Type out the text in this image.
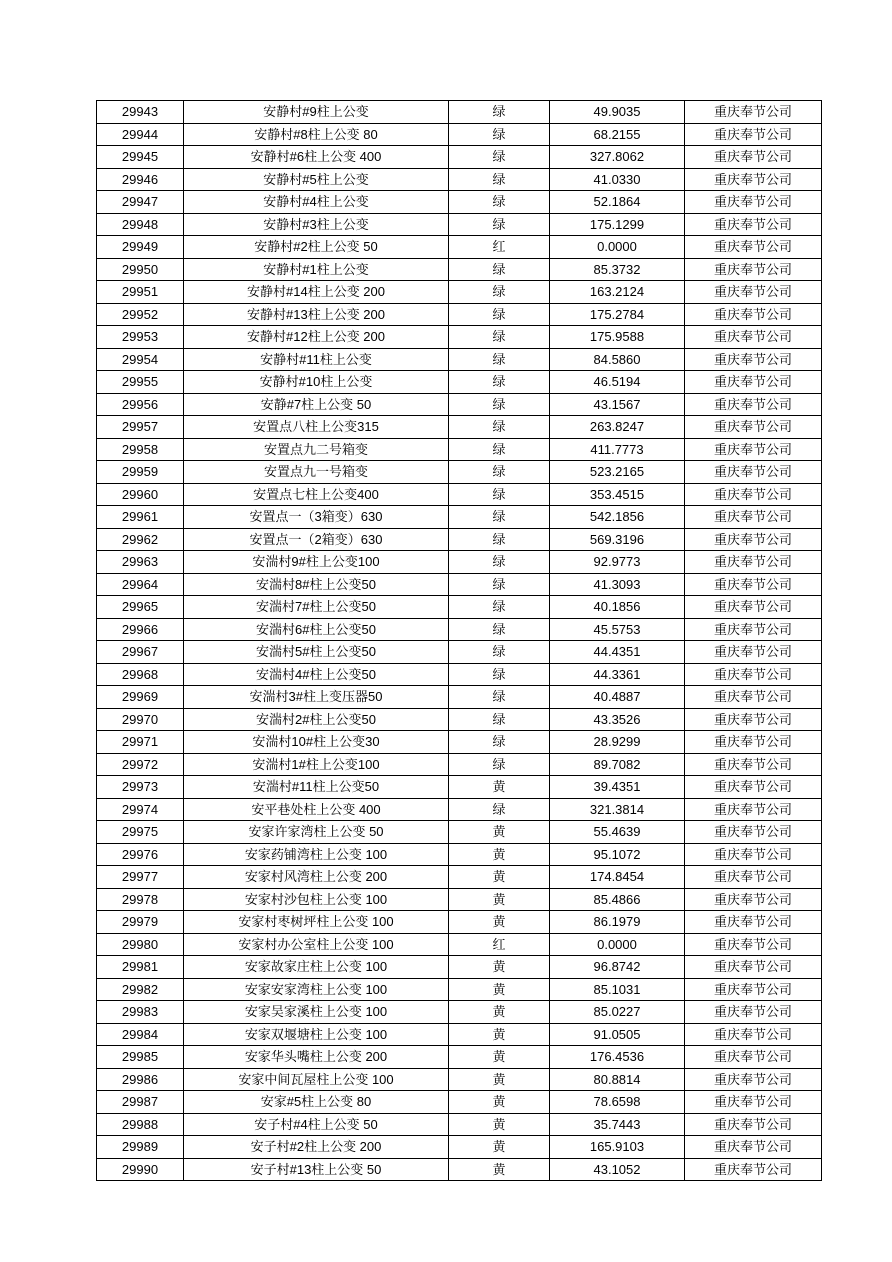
29943	安静村#9柱上公变	绿	49.9035	重庆奉节公司
29944	安静村#8柱上公变 80	绿	68.2155	重庆奉节公司
29945	安静村#6柱上公变 400	绿	327.8062	重庆奉节公司
29946	安静村#5柱上公变	绿	41.0330	重庆奉节公司
29947	安静村#4柱上公变	绿	52.1864	重庆奉节公司
29948	安静村#3柱上公变	绿	175.1299	重庆奉节公司
29949	安静村#2柱上公变 50	红	0.0000	重庆奉节公司
29950	安静村#1柱上公变	绿	85.3732	重庆奉节公司
29951	安静村#14柱上公变 200	绿	163.2124	重庆奉节公司
29952	安静村#13柱上公变 200	绿	175.2784	重庆奉节公司
29953	安静村#12柱上公变 200	绿	175.9588	重庆奉节公司
29954	安静村#11柱上公变	绿	84.5860	重庆奉节公司
29955	安静村#10柱上公变	绿	46.5194	重庆奉节公司
29956	安静#7柱上公变 50	绿	43.1567	重庆奉节公司
29957	安置点八柱上公变315	绿	263.8247	重庆奉节公司
29958	安置点九二号箱变	绿	411.7773	重庆奉节公司
29959	安置点九一号箱变	绿	523.2165	重庆奉节公司
29960	安置点七柱上公变400	绿	353.4515	重庆奉节公司
29961	安置点一（3箱变）630	绿	542.1856	重庆奉节公司
29962	安置点一（2箱变）630	绿	569.3196	重庆奉节公司
29963	安湍村9#柱上公变100	绿	92.9773	重庆奉节公司
29964	安湍村8#柱上公变50	绿	41.3093	重庆奉节公司
29965	安湍村7#柱上公变50	绿	40.1856	重庆奉节公司
29966	安湍村6#柱上公变50	绿	45.5753	重庆奉节公司
29967	安湍村5#柱上公变50	绿	44.4351	重庆奉节公司
29968	安湍村4#柱上公变50	绿	44.3361	重庆奉节公司
29969	安湍村3#柱上变压器50	绿	40.4887	重庆奉节公司
29970	安湍村2#柱上公变50	绿	43.3526	重庆奉节公司
29971	安湍村10#柱上公变30	绿	28.9299	重庆奉节公司
29972	安湍村1#柱上公变100	绿	89.7082	重庆奉节公司
29973	安湍村#11柱上公变50	黄	39.4351	重庆奉节公司
29974	安平巷处柱上公变 400	绿	321.3814	重庆奉节公司
29975	安家许家湾柱上公变 50	黄	55.4639	重庆奉节公司
29976	安家药铺湾柱上公变 100	黄	95.1072	重庆奉节公司
29977	安家村风湾柱上公变 200	黄	174.8454	重庆奉节公司
29978	安家村沙包柱上公变 100	黄	85.4866	重庆奉节公司
29979	安家村枣树坪柱上公变 100	黄	86.1979	重庆奉节公司
29980	安家村办公室柱上公变 100	红	0.0000	重庆奉节公司
29981	安家故家庄柱上公变 100	黄	96.8742	重庆奉节公司
29982	安家安家湾柱上公变 100	黄	85.1031	重庆奉节公司
29983	安家吴家溪柱上公变 100	黄	85.0227	重庆奉节公司
29984	安家双堰塘柱上公变 100	黄	91.0505	重庆奉节公司
29985	安家华头嘴柱上公变 200	黄	176.4536	重庆奉节公司
29986	安家中间瓦屋柱上公变 100	黄	80.8814	重庆奉节公司
29987	安家#5柱上公变 80	黄	78.6598	重庆奉节公司
29988	安子村#4柱上公变 50	黄	35.7443	重庆奉节公司
29989	安子村#2柱上公变 200	黄	165.9103	重庆奉节公司
29990	安子村#13柱上公变 50	黄	43.1052	重庆奉节公司
